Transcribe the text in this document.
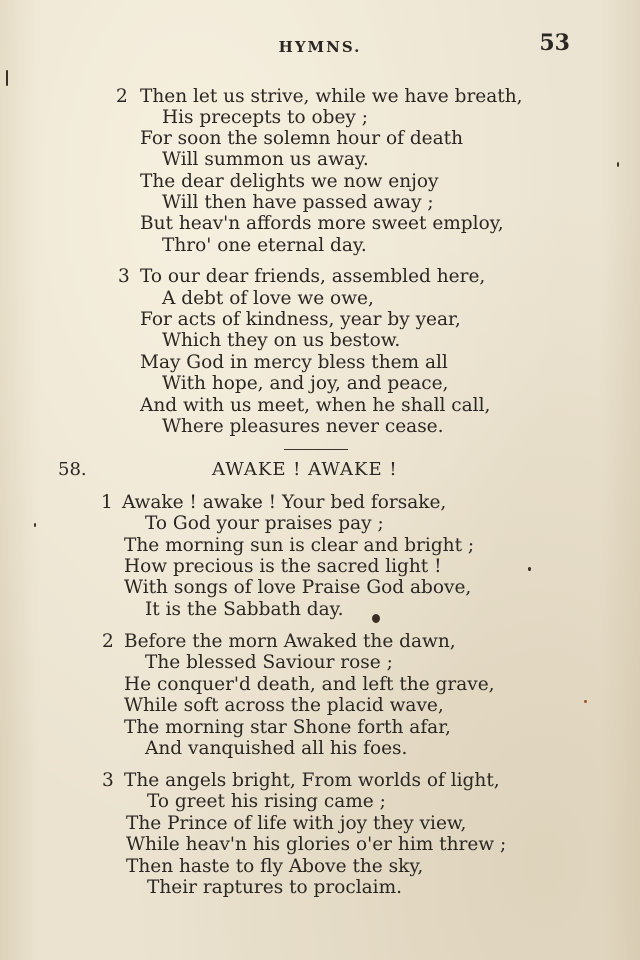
HYMNS.	53
2 Then let us strive, while we have breath,
His precepts to obey ;
For soon the solemn hour of death
Will summon us away.
The dear delights we now enjoy
Will then have passed away ;
But heav'n affords more sweet employ,
Thro' one eternal day.
3 To our dear friends, assembled here,
A debt of love we owe,
For acts of kindness, year by year,
Which they on us bestow.
May God in mercy bless them all
With hope, and joy, and peace,
And with us meet, when he shall call,
Where pleasures never cease.
58.	AWAKE ! AWAKE !
1 Awake ! awake ! Your bed forsake,
To God your praises pay ;
The morning sun is clear and bright ;
How precious is the sacred light !
With songs of love Praise God above,
It is the Sabbath day.
2 Before the morn Awaked the dawn,
The blessed Saviour rose ;
He conquer'd death, and left the grave,
While soft across the placid wave,
The morning star Shone forth afar,
And vanquished all his foes.
3 The angels bright, From worlds of light,
To greet his rising came ;
The Prince of life with joy they view,
While heav'n his glories o'er him threw ;
Then haste to fly Above the sky,
Their raptures to proclaim.
